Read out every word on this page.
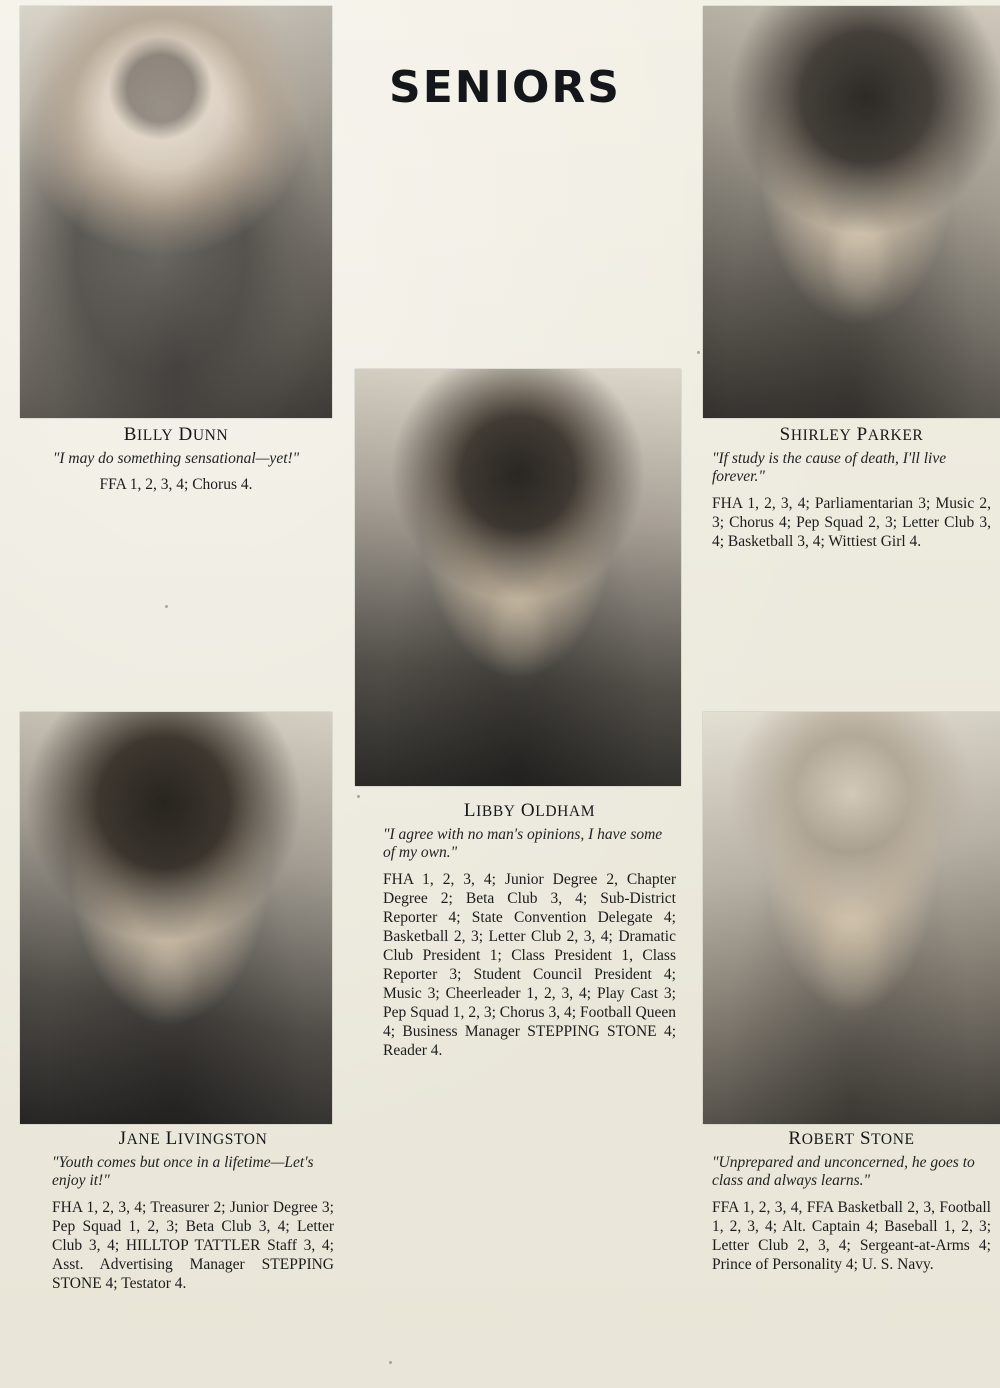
SENIORS
BILLY DUNN
"I may do something sensational—yet!"
FFA 1, 2, 3, 4; Chorus 4.
SHIRLEY PARKER
"If study is the cause of death, I'll live forever."
FHA 1, 2, 3, 4; Parliamentarian 3; Music 2, 3; Chorus 4; Pep Squad 2, 3; Letter Club 3, 4; Basketball 3, 4; Wittiest Girl 4.
LIBBY OLDHAM
"I agree with no man's opinions, I have some of my own."
FHA 1, 2, 3, 4; Junior Degree 2, Chapter Degree 2; Beta Club 3, 4; Sub-District Reporter 4; State Convention Delegate 4; Basketball 2, 3; Letter Club 2, 3, 4; Dramatic Club President 1; Class President 1, Class Reporter 3; Student Council President 4; Music 3; Cheerleader 1, 2, 3, 4; Play Cast 3; Pep Squad 1, 2, 3; Chorus 3, 4; Football Queen 4; Business Manager STEPPING STONE 4; Reader 4.
JANE LIVINGSTON
"Youth comes but once in a lifetime—Let's enjoy it!"
FHA 1, 2, 3, 4; Treasurer 2; Junior Degree 3; Pep Squad 1, 2, 3; Beta Club 3, 4; Letter Club 3, 4; HILLTOP TATTLER Staff 3, 4; Asst. Advertising Manager STEPPING STONE 4; Testator 4.
ROBERT STONE
"Unprepared and unconcerned, he goes to class and always learns."
FFA 1, 2, 3, 4, FFA Basketball 2, 3, Football 1, 2, 3, 4; Alt. Captain 4; Baseball 1, 2, 3; Letter Club 2, 3, 4; Sergeant-at-Arms 4; Prince of Personality 4; U. S. Navy.
